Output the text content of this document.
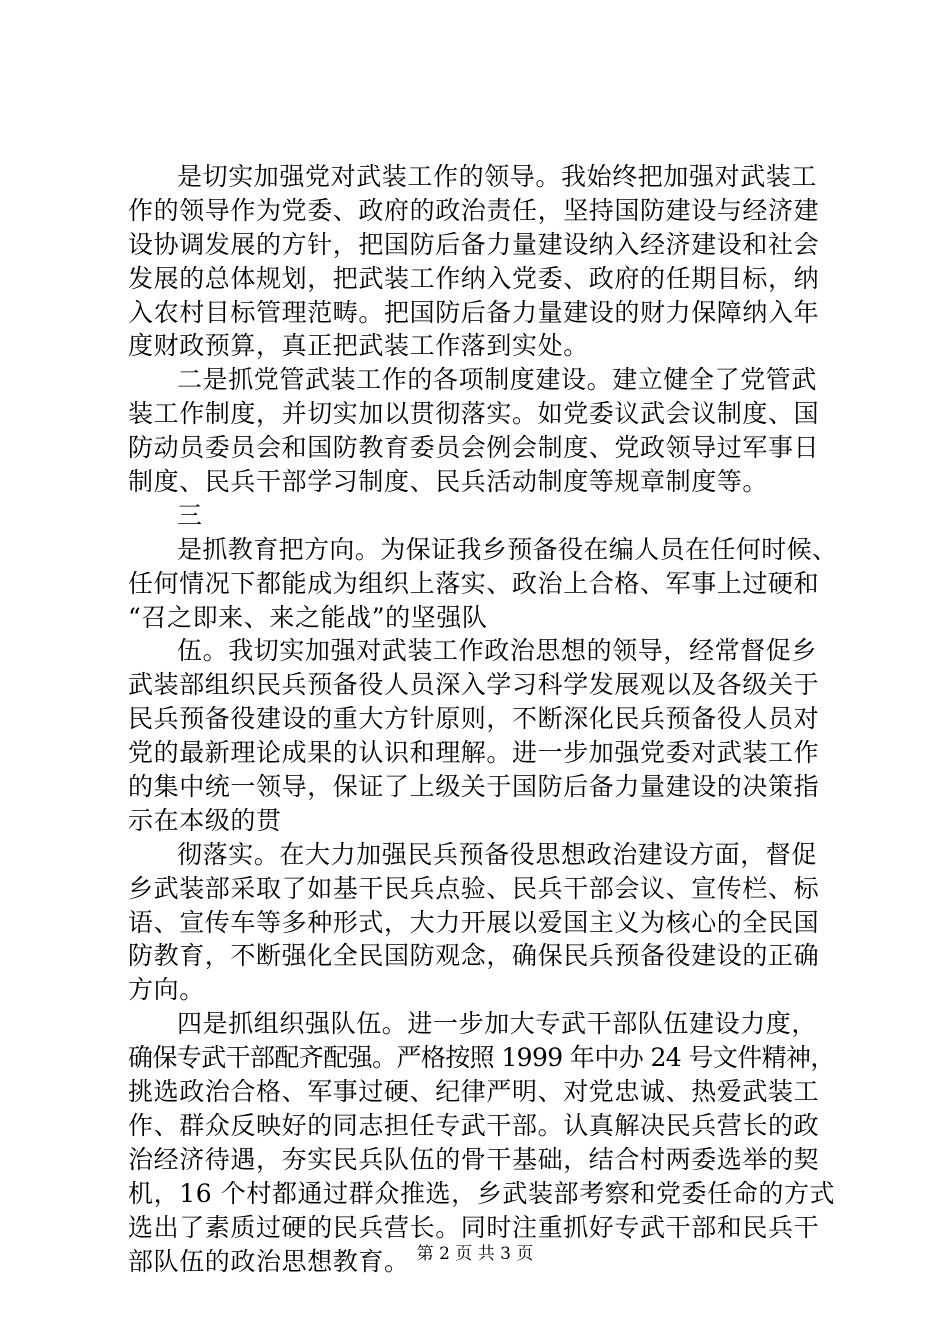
是切实加强党对武装工作的领导。我始终把加强对武装工
作的领导作为党委、政府的政治责任，坚持国防建设与经济建
设协调发展的方针，把国防后备力量建设纳入经济建设和社会
发展的总体规划，把武装工作纳入党委、政府的任期目标，纳
入农村目标管理范畴。把国防后备力量建设的财力保障纳入年
度财政预算，真正把武装工作落到实处。
二是抓党管武装工作的各项制度建设。建立健全了党管武
装工作制度，并切实加以贯彻落实。如党委议武会议制度、国
防动员委员会和国防教育委员会例会制度、党政领导过军事日
制度、民兵干部学习制度、民兵活动制度等规章制度等。
三
是抓教育把方向。为保证我乡预备役在编人员在任何时候、
任何情况下都能成为组织上落实、政治上合格、军事上过硬和
“召之即来、来之能战”的坚强队
伍。我切实加强对武装工作政治思想的领导，经常督促乡
武装部组织民兵预备役人员深入学习科学发展观以及各级关于
民兵预备役建设的重大方针原则，不断深化民兵预备役人员对
党的最新理论成果的认识和理解。进一步加强党委对武装工作
的集中统一领导，保证了上级关于国防后备力量建设的决策指
示在本级的贯
彻落实。在大力加强民兵预备役思想政治建设方面，督促
乡武装部采取了如基干民兵点验、民兵干部会议、宣传栏、标
语、宣传车等多种形式，大力开展以爱国主义为核心的全民国
防教育，不断强化全民国防观念，确保民兵预备役建设的正确
方向。
四是抓组织强队伍。进一步加大专武干部队伍建设力度，
确保专武干部配齐配强。严格按照 1999 年中办 24 号文件精神，
挑选政治合格、军事过硬、纪律严明、对党忠诚、热爱武装工
作、群众反映好的同志担任专武干部。认真解决民兵营长的政
治经济待遇，夯实民兵队伍的骨干基础，结合村两委选举的契
机，16 个村都通过群众推选，乡武装部考察和党委任命的方式
选出了素质过硬的民兵营长。同时注重抓好专武干部和民兵干
部队伍的政治思想教育。 第 2 页 共 3 页
